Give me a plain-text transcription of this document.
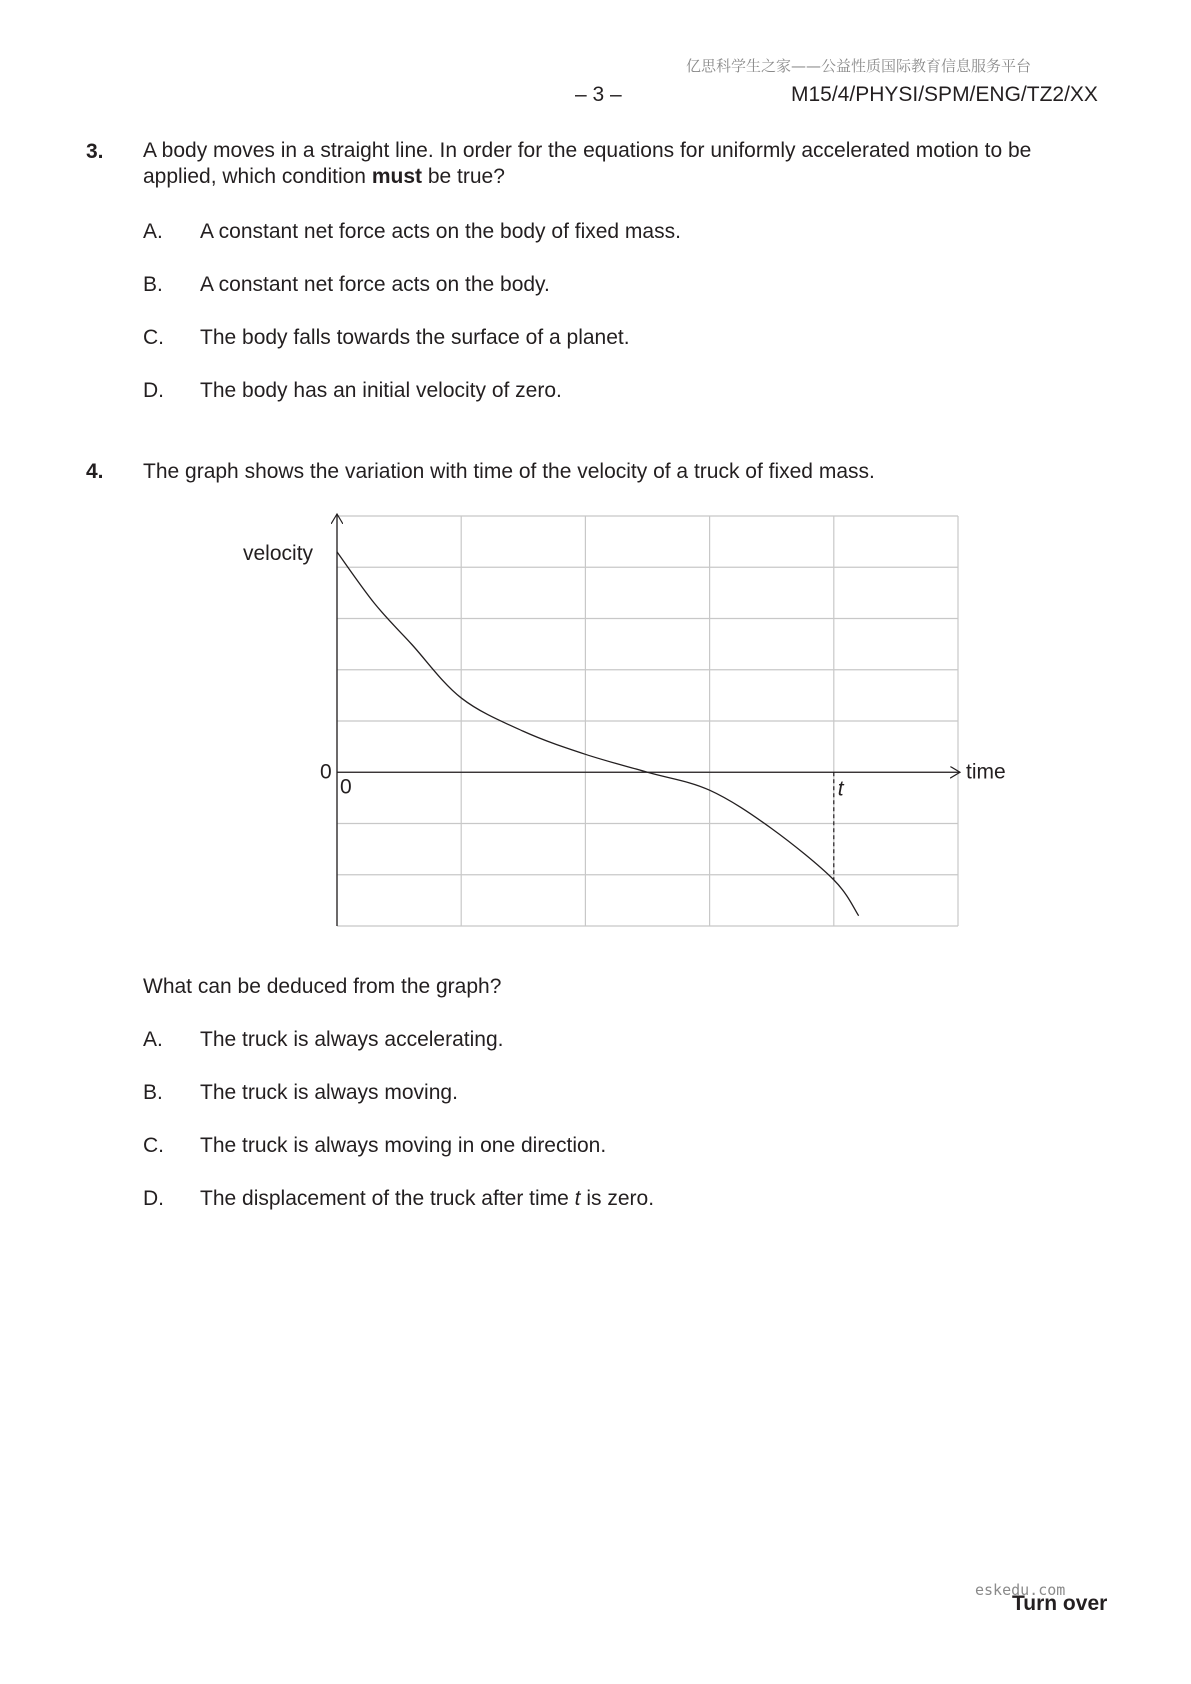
亿思科学生之家——公益性质国际教育信息服务平台
– 3 –	M15/4/PHYSI/SPM/ENG/TZ2/XX
3. A body moves in a straight line. In order for the equations for uniformly accelerated motion to be
applied, which condition must be true?
A. A constant net force acts on the body of fixed mass.
B. A constant net force acts on the body.
C. The body falls towards the surface of a planet.
D. The body has an initial velocity of zero.
4. The graph shows the variation with time of the velocity of a truck of fixed mass.
velocity
time
0
0	t
What can be deduced from the graph?
A. The truck is always accelerating.
B. The truck is always moving.
C. The truck is always moving in one direction.
D. The displacement of the truck after time t is zero.
eskedu.com
Turn over
